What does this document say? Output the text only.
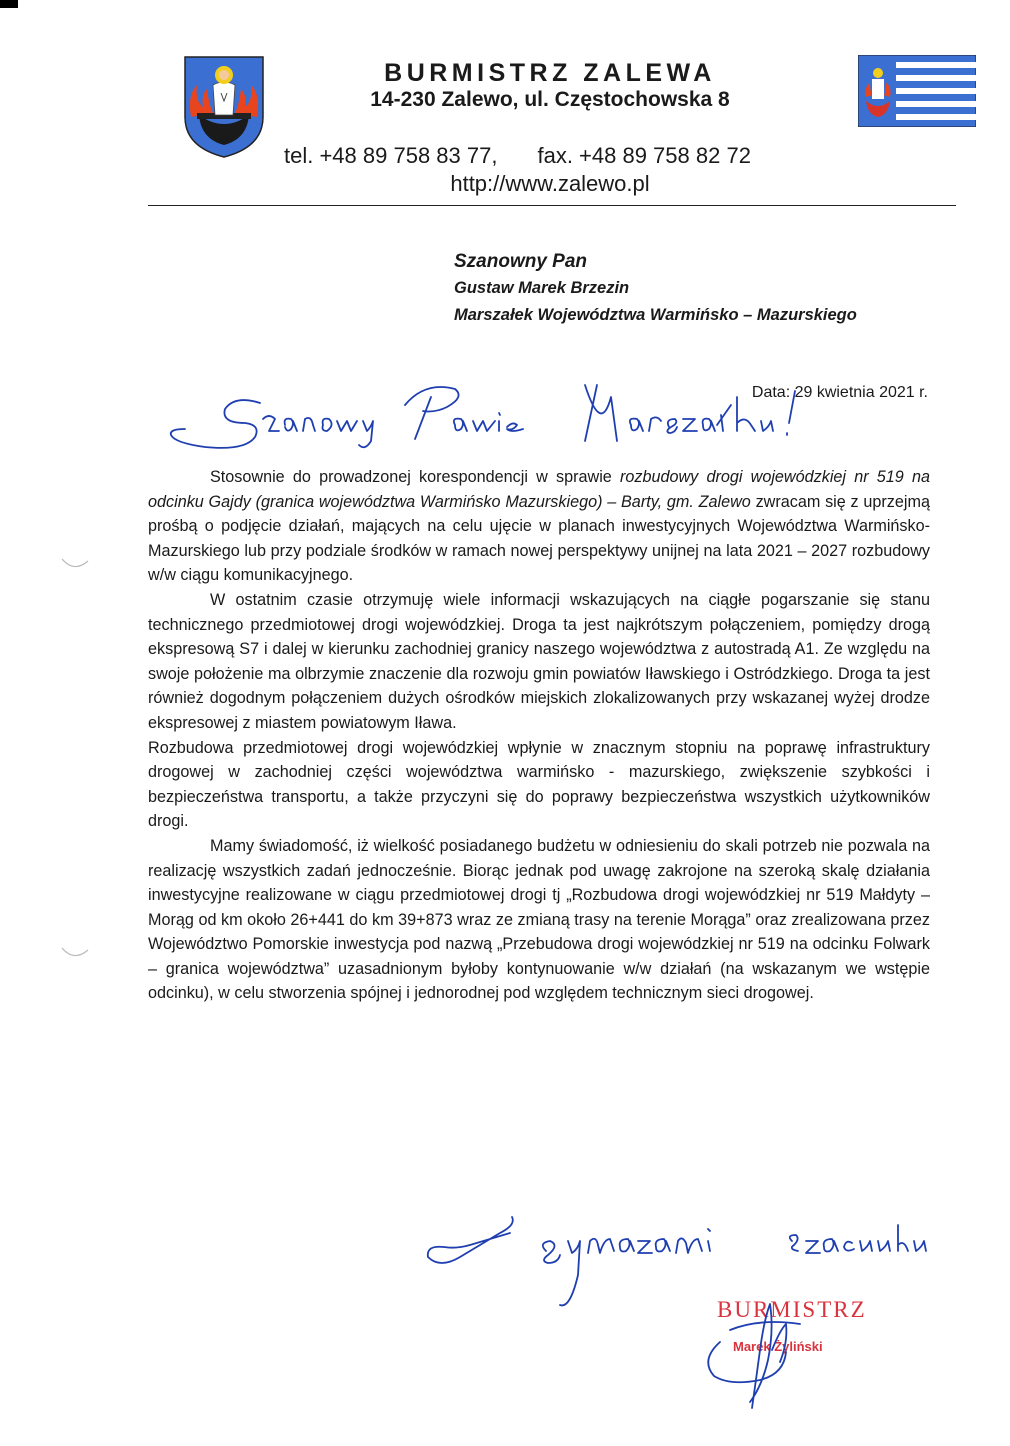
BURMISTRZ ZALEWA
14-230 Zalewo, ul. Częstochowska 8
tel. +48 89 758 83 77, fax. +48 89 758 82 72
http://www.zalewo.pl
Szanowny Pan
Gustaw Marek Brzezin
Marszałek Województwa Warmińsko – Mazurskiego
Data: 29 kwietnia 2021 r.

Stosownie do prowadzonej korespondencji w sprawie rozbudowy drogi wojewódzkiej nr 519 na odcinku Gajdy (granica województwa Warmińsko Mazurskiego) – Barty, gm. Zalewo zwracam się z uprzejmą prośbą o podjęcie działań, mających na celu ujęcie w planach inwestycyjnych Województwa Warmińsko-Mazurskiego lub przy podziale środków w ramach nowej perspektywy unijnej na lata 2021 – 2027 rozbudowy w/w ciągu komunikacyjnego.

W ostatnim czasie otrzymuję wiele informacji wskazujących na ciągłe pogarszanie się stanu technicznego przedmiotowej drogi wojewódzkiej. Droga ta jest najkrótszym połączeniem, pomiędzy drogą ekspresową S7 i dalej w kierunku zachodniej granicy naszego województwa z autostradą A1. Ze względu na swoje położenie ma olbrzymie znaczenie dla rozwoju gmin powiatów Iławskiego i Ostródzkiego. Droga ta jest również dogodnym połączeniem dużych ośrodków miejskich zlokalizowanych przy wskazanej wyżej drodze ekspresowej z miastem powiatowym Iława.

Rozbudowa przedmiotowej drogi wojewódzkiej wpłynie w znacznym stopniu na poprawę infrastruktury drogowej w zachodniej części województwa warmińsko - mazurskiego, zwiększenie szybkości i bezpieczeństwa transportu, a także przyczyni się do poprawy bezpieczeństwa wszystkich użytkowników drogi.

Mamy świadomość, iż wielkość posiadanego budżetu w odniesieniu do skali potrzeb nie pozwala na realizację wszystkich zadań jednocześnie. Biorąc jednak pod uwagę zakrojone na szeroką skalę działania inwestycyjne realizowane w ciągu przedmiotowej drogi tj „Rozbudowa drogi wojewódzkiej nr 519 Małdyty – Morąg od km około 26+441 do km 39+873 wraz ze zmianą trasy na terenie Morąga” oraz zrealizowana przez Województwo Pomorskie inwestycja pod nazwą „Przebudowa drogi wojewódzkiej nr 519 na odcinku Folwark – granica województwa” uzasadnionym byłoby kontynuowanie w/w działań (na wskazanym we wstępie odcinku), w celu stworzenia spójnej i jednorodnej pod względem technicznym sieci drogowej.

BURMISTRZ
Marek Żyliński
